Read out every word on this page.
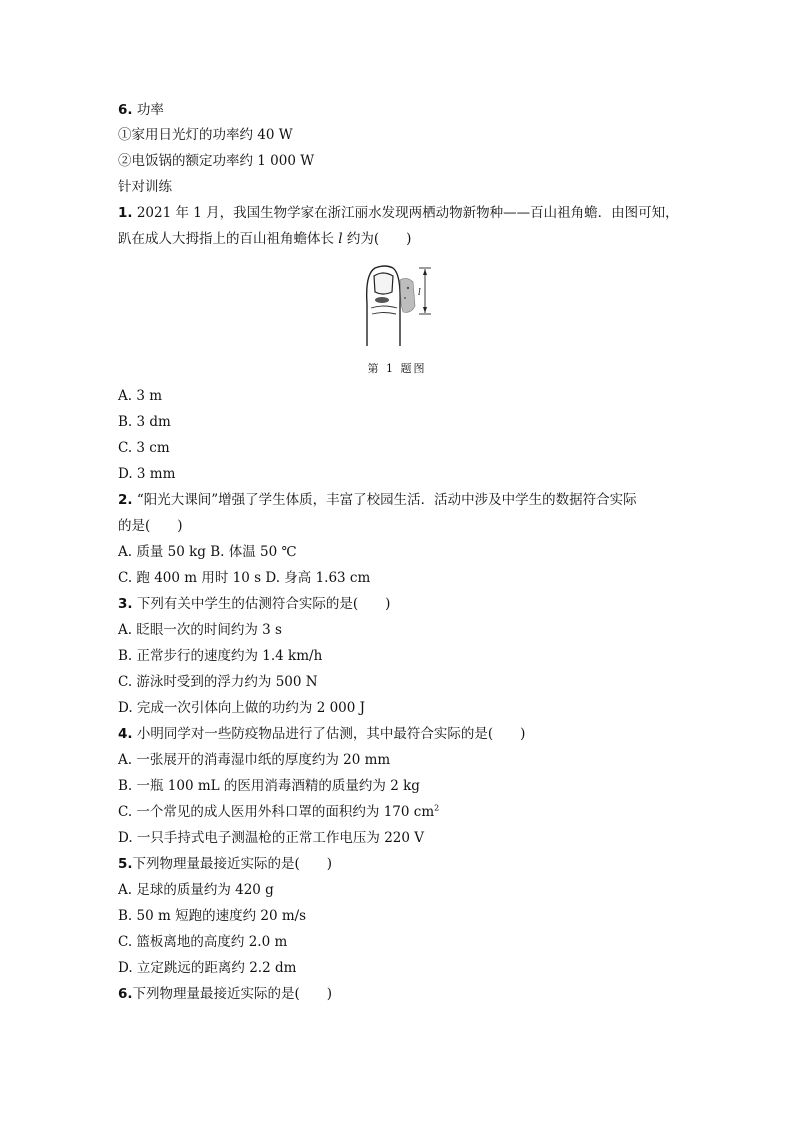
6. 功率
①家用日光灯的功率约 40 W
②电饭锅的额定功率约 1 000 W
针对训练
1. 2021 年 1 月，我国生物学家在浙江丽水发现两栖动物新物种——百山祖角蟾．由图可知，
趴在成人大拇指上的百山祖角蟾体长 l 约为(　　)
l
第 1 题图
A. 3 m
B. 3 dm
C. 3 cm
D. 3 mm
2. “阳光大课间”增强了学生体质，丰富了校园生活．活动中涉及中学生的数据符合实际
的是(　　)
A. 质量 50 kg B. 体温 50 ℃
C. 跑 400 m 用时 10 s D. 身高 1.63 cm
3. 下列有关中学生的估测符合实际的是(　　)
A. 眨眼一次的时间约为 3 s
B. 正常步行的速度约为 1.4 km/h
C. 游泳时受到的浮力约为 500 N
D. 完成一次引体向上做的功约为 2 000 J
4. 小明同学对一些防疫物品进行了估测，其中最符合实际的是(　　)
A. 一张展开的消毒湿巾纸的厚度约为 20 mm
B. 一瓶 100 mL 的医用消毒酒精的质量约为 2 kg
C. 一个常见的成人医用外科口罩的面积约为 170 $cm^2$
D. 一只手持式电子测温枪的正常工作电压为 220 V
5.下列物理量最接近实际的是(　　)
A. 足球的质量约为 420 g
B. 50 m 短跑的速度约 20 m/s
C. 篮板离地的高度约 2.0 m
D. 立定跳远的距离约 2.2 dm
6.下列物理量最接近实际的是(　　)
